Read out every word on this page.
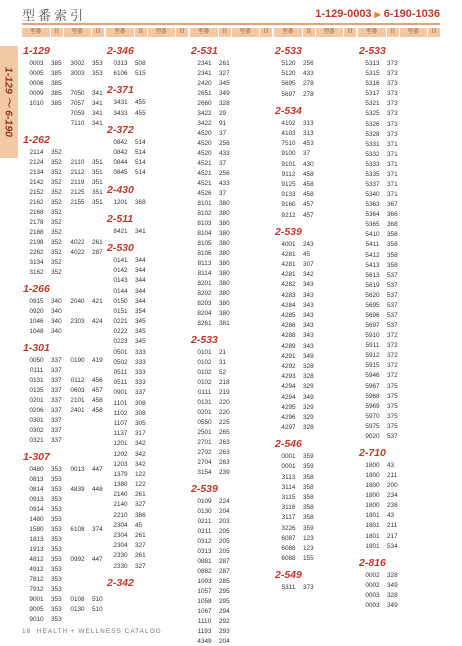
型番索引	1-129-0003 ▶ 6-190-1036
1-129 〜 6-190
型番	頁	型番	頁
1-129
0003	385	3002	353
0005	385	3003	353
0006	385
0009	385	7050	341
1010	385	7057	341
7059	341
7110	341
1-262
2114	352
2124	352	2110	351
2134	352	2112	351
2142	352	2119	351
2152	352	2125	351
2162	352	2155	351
2168	352
2178	352
2188	352
2198	352	4022	261
2262	352	4022	287
3134	352
3162	352
1-266
0915	340	2040	421
0920	340
1046	340	2303	424
1048	340
1-301
0050	337	0190	419
0111	337
0131	337	0112	456
0135	337	0603	457
0201	337	2101	458
0206	337	2401	458
0301	337
0302	337
0321	337
1-307
0480	353	0013	447
0813	353
0814	353	4839	448
0913	353
0914	353
1480	353
1580	353	6108	374
1813	353
1913	353
4812	353	0992	447
4912	353
7812	353
7912	353
9001	353	0108	510
9005	353	0130	510
9010	353
型番	頁	型番	頁
2-346
0313	508
6106	515
2-371
3431	455
3433	455
2-372
0842	514
0842	514
0844	514
0845	514
2-430
1201	368
2-511
8421	341
2-530
0141	344
0142	344
0143	344
0144	344
0150	344
0151	354
0221	345
0222	345
0223	345
0501	333
0502	333
0511	333
0511	333
0901	337
1101	308
1102	308
1107	305
1137	317
1201	342
1202	342
1203	342
1379	122
1380	122
2140	261
2140	327
2210	386
2304	45
2304	261
2304	327
2330	261
2330	327
2-342
型番	頁	型番	頁
2-531
2341	261
2341	327
2420	345
2651	349
2660	328
3422	29
3422	91
4520	37
4520	256
4520	433
4521	37
4521	256
4521	433
4526	37
8101	380
8102	380
8103	380
8104	380
8105	380
8106	380
8113	380
8114	380
8201	380
8202	380
8203	380
8204	380
8261	381
2-533
0101	21
0102	31
0102	52
0102	218
0111	219
0131	220
0201	220
0550	225
2501	265
2701	263
2702	263
2704	263
3154	239
2-539
0109	224
0130	204
0211	203
0311	205
0312	205
0313	205
0881	287
0882	287
1003	285
1057	295
1058	295
1067	294
1110	292
1193	293
4349	204
型番	頁	型番	頁
2-533
5120	256
5120	433
5695	278
5697	278
2-534
4102	313
4103	313
7510	453
9100	37
9101	430
9112	458
9125	458
9133	458
9160	457
9212	457
2-539
4001	243
4281	45
4281	307
4281	342
4282	343
4283	343
4284	343
4285	343
4286	343
4288	343
4289	343
4291	349
4292	328
4293	328
4294	329
4294	349
4295	329
4296	329
4297	328
2-546
0001	359
0001	359
3113	358
3114	358
3115	358
3116	358
3117	358
3226	359
6087	123
6088	123
6088	155
2-549
5311	373
型番	頁	型番	頁
2-533
5313	373
5315	373
5316	373
5317	373
5321	373
5325	373
5326	373
5328	373
5331	371
5332	371
5333	371
5335	371
5337	371
5340	371
5363	367
5364	366
5365	368
5410	358
5411	358
5412	358
5413	358
5613	537
5619	537
5620	537
5695	537
5696	537
5697	537
5910	372
5911	372
5912	372
5915	372
5946	372
5967	375
5968	375
5969	375
5970	375
5975	375
9020	537
2-710
1800	43
1800	211
1800	200
1800	234
1800	238
1801	43
1801	211
1801	217
1801	534
2-816
0002	328
0002	349
0003	328
0003	349
18 HEALTH + WELLNESS CATALOG
